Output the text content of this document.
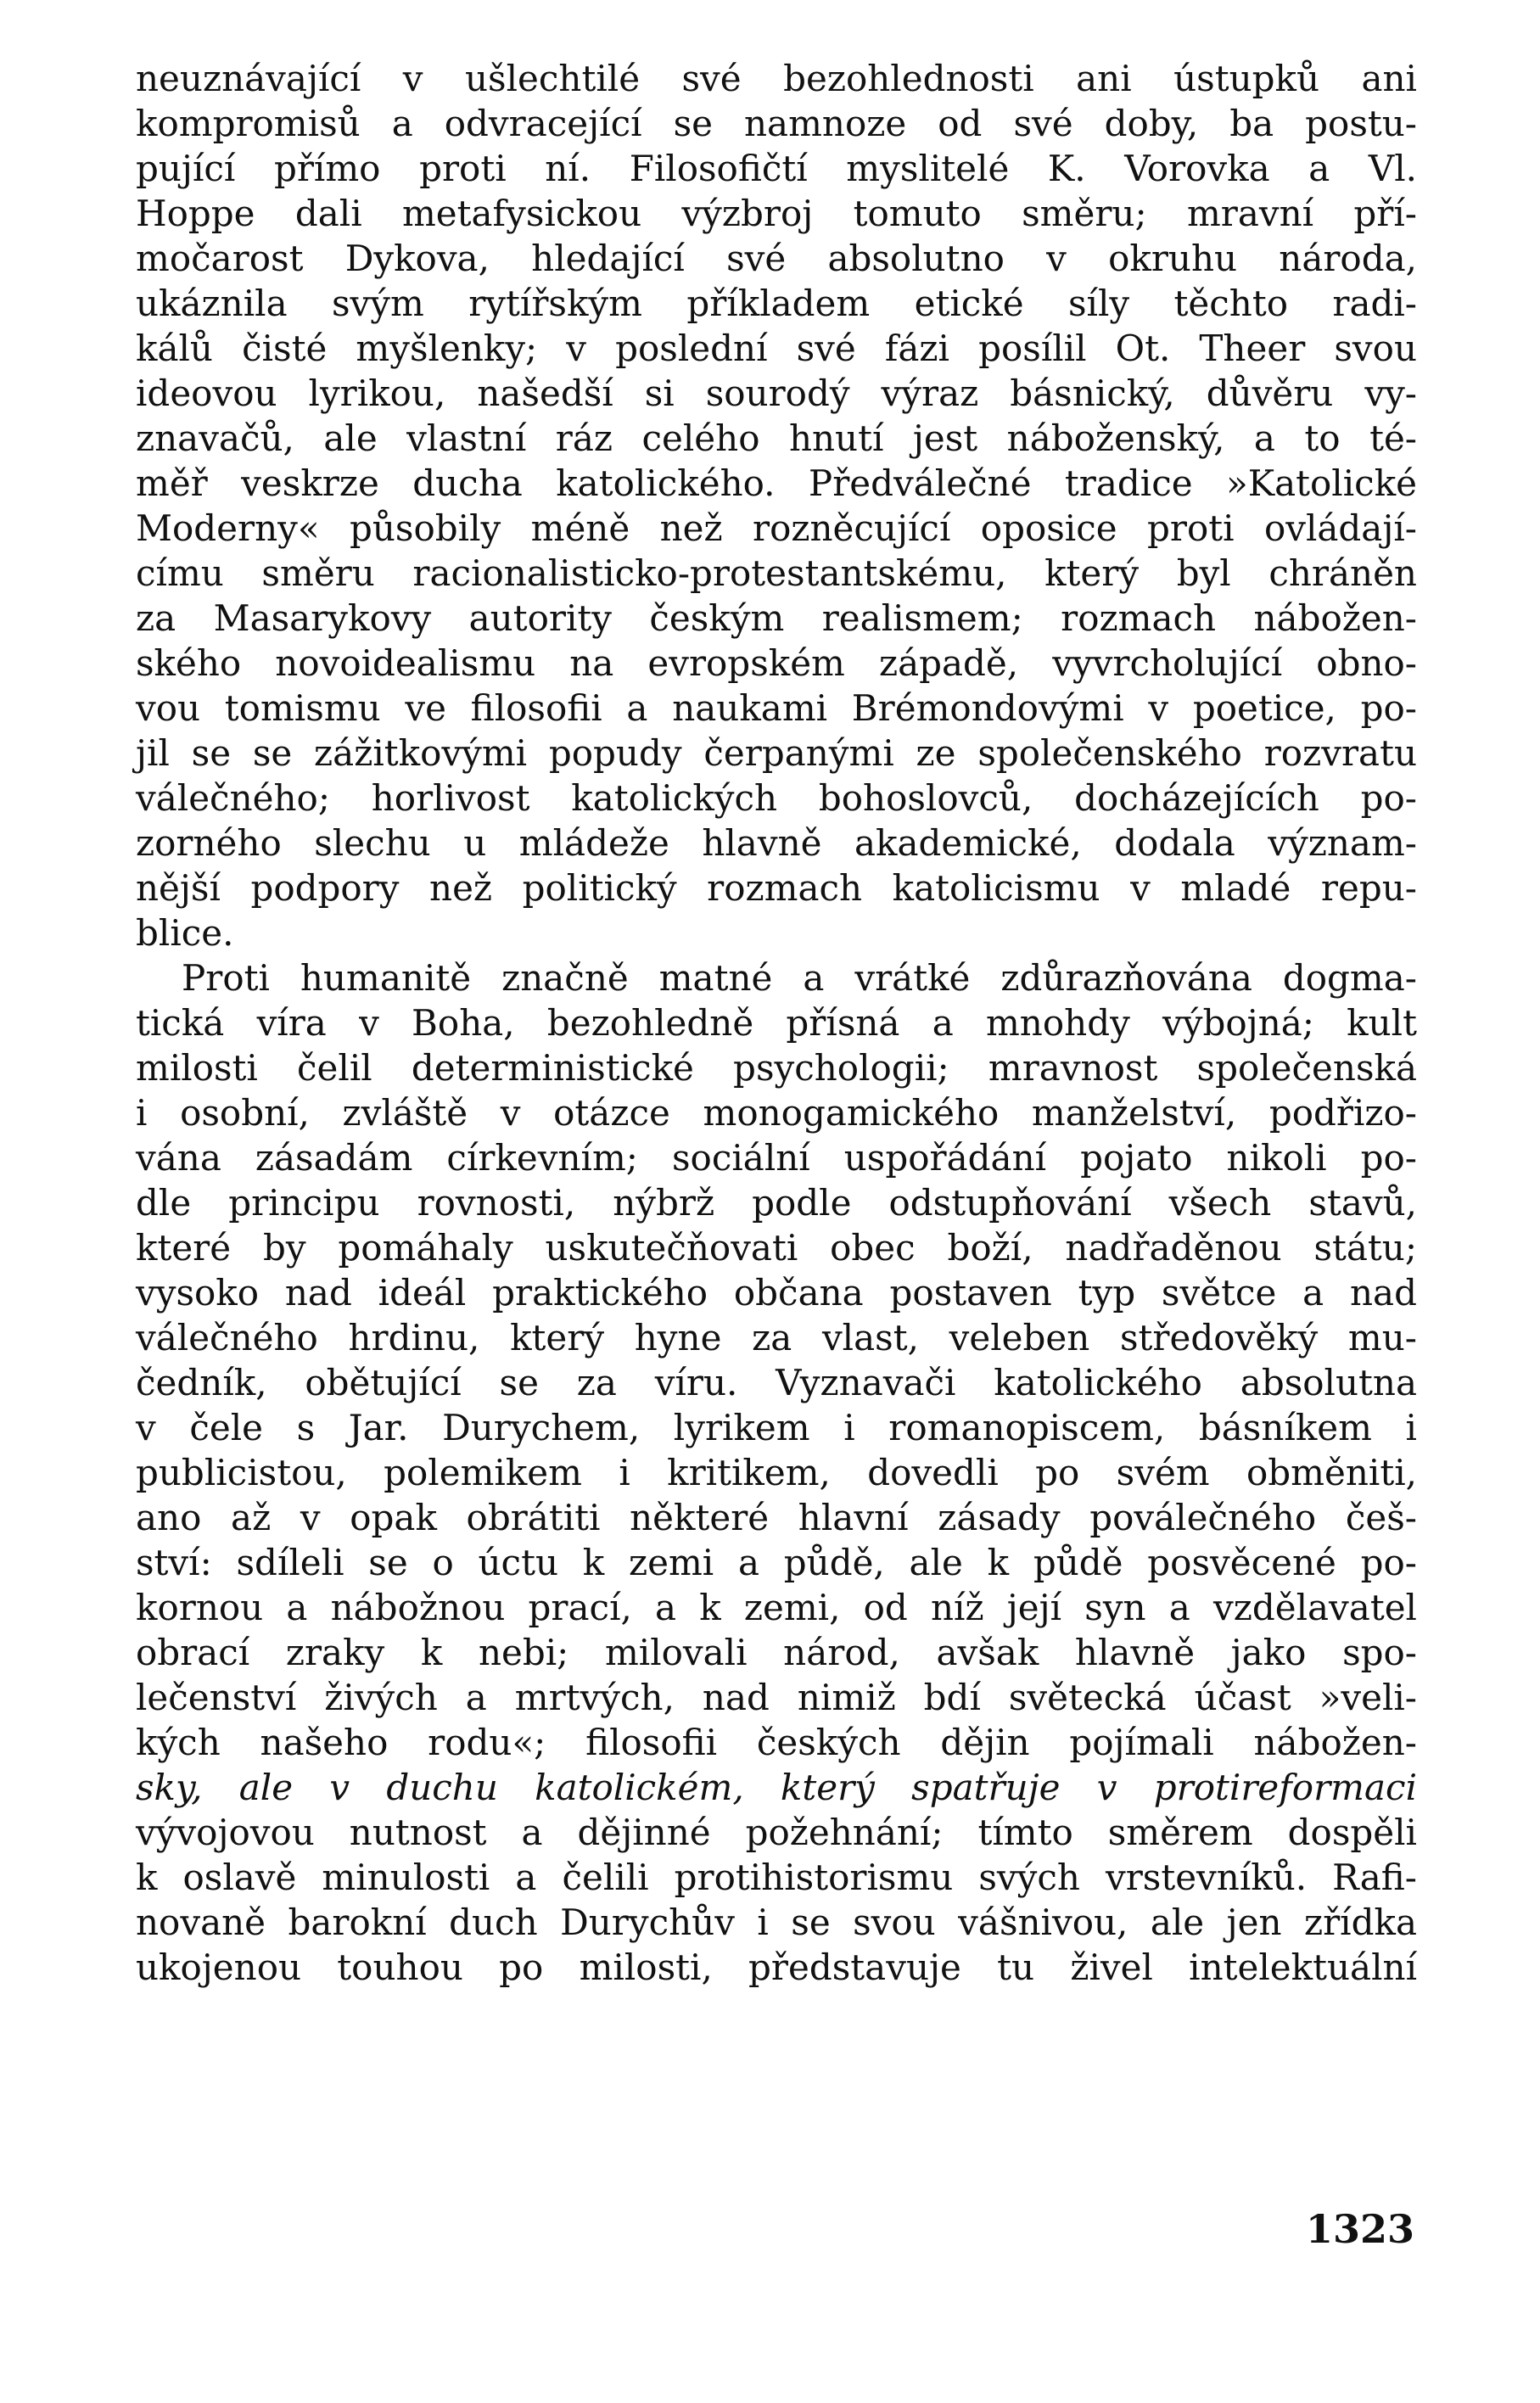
neuznávající v ušlechtilé své bezohlednosti ani ústupků ani
kompromisů a odvracející se namnoze od své doby, ba postu-
pující přímo proti ní. Filosofičtí myslitelé K. Vorovka a Vl.
Hoppe dali metafysickou výzbroj tomuto směru; mravní pří-
močarost Dykova, hledající své absolutno v okruhu národa,
ukáznila svým rytířským příkladem etické síly těchto radi-
kálů čisté myšlenky; v poslední své fázi posílil Ot. Theer svou
ideovou lyrikou, našedší si sourodý výraz básnický, důvěru vy-
znavačů, ale vlastní ráz celého hnutí jest náboženský, a to té-
měř veskrze ducha katolického. Předválečné tradice »Katolické
Moderny« působily méně než rozněcující oposice proti ovládají-
címu směru racionalisticko-protestantskému, který byl chráněn
za Masarykovy autority českým realismem; rozmach nábožen-
ského novoidealismu na evropském západě, vyvrcholující obno-
vou tomismu ve filosofii a naukami Brémondovými v poetice, po-
jil se se zážitkovými popudy čerpanými ze společenského rozvratu
válečného; horlivost katolických bohoslovců, docházejících po-
zorného slechu u mládeže hlavně akademické, dodala význam-
nější podpory než politický rozmach katolicismu v mladé repu-
blice.
Proti humanitě značně matné a vrátké zdůrazňována dogma-
tická víra v Boha, bezohledně přísná a mnohdy výbojná; kult
milosti čelil deterministické psychologii; mravnost společenská
i osobní, zvláště v otázce monogamického manželství, podřizo-
vána zásadám církevním; sociální uspořádání pojato nikoli po-
dle principu rovnosti, nýbrž podle odstupňování všech stavů,
které by pomáhaly uskutečňovati obec boží, nadřaděnou státu;
vysoko nad ideál praktického občana postaven typ světce a nad
válečného hrdinu, který hyne za vlast, veleben středověký mu-
čedník, obětující se za víru. Vyznavači katolického absolutna
v čele s Jar. Durychem, lyrikem i romanopiscem, básníkem i
publicistou, polemikem i kritikem, dovedli po svém obměniti,
ano až v opak obrátiti některé hlavní zásady poválečného češ-
ství: sdíleli se o úctu k zemi a půdě, ale k půdě posvěcené po-
kornou a nábožnou prací, a k zemi, od níž její syn a vzdělavatel
obrací zraky k nebi; milovali národ, avšak hlavně jako spo-
lečenství živých a mrtvých, nad nimiž bdí světecká účast »veli-
kých našeho rodu«; filosofii českých dějin pojímali nábožen-
sky, ale v duchu katolickém, který spatřuje v protireformaci
vývojovou nutnost a dějinné požehnání; tímto směrem dospěli
k oslavě minulosti a čelili protihistorismu svých vrstevníků. Rafi-
novaně barokní duch Durychův i se svou vášnivou, ale jen zřídka
ukojenou touhou po milosti, představuje tu živel intelektuální
1323
